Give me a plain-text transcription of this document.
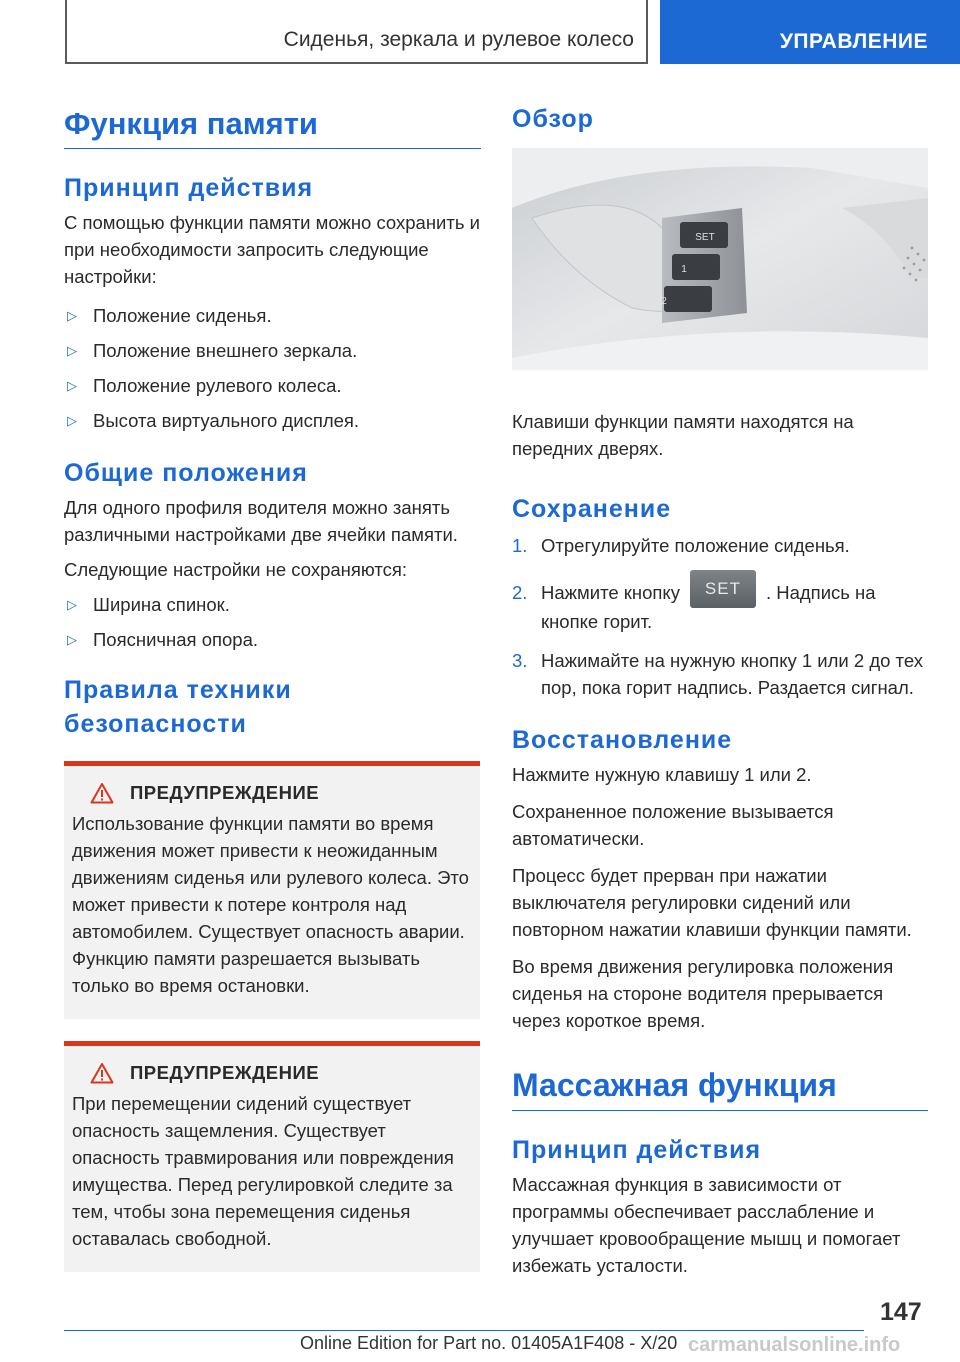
Сиденья, зеркала и рулевое колесо	УПРАВЛЕНИЕ
Функция памяти
Принцип действия

С помощью функции памяти можно сохранить и при необходимости запросить следующие настройки:

▷ Положение сиденья.
▷ Положение внешнего зеркала.
▷ Положение рулевого колеса.
▷ Высота виртуального дисплея.
Общие положения

Для одного профиля водителя можно занять различными настройками две ячейки памяти.

Следующие настройки не сохраняются:

▷ Ширина спинок.
▷ Поясничная опора.
Правила техники безопасности
ПРЕДУПРЕЖДЕНИЕ

Использование функции памяти во время движения может привести к неожиданным движениям сиденья или рулевого колеса. Это может привести к потере контроля над автомобилем. Существует опасность аварии. Функцию памяти разрешается вызывать только во время остановки.

ПРЕДУПРЕЖДЕНИЕ

При перемещении сидений существует опасность защемления. Существует опасность травмирования или повреждения имущества. Перед регулировкой следите за тем, чтобы зона перемещения сиденья оставалась свободной.

SET
1
2
Обзор

Клавиши функции памяти находятся на передних дверях.

Сохранение
1. Отрегулируйте положение сиденья.
2. Нажмите кнопку SET . Надпись на кнопке горит.
3. Нажимайте на нужную кнопку 1 или 2 до тех пор, пока горит надпись. Раздается сигнал.
Восстановление

Нажмите нужную клавишу 1 или 2.

Сохраненное положение вызывается автоматически.

Процесс будет прерван при нажатии выключателя регулировки сидений или повторном нажатии клавиши функции памяти.

Во время движения регулировка положения сиденья на стороне водителя прерывается через короткое время.

Массажная функция
Принцип действия

Массажная функция в зависимости от программы обеспечивает расслабление и улучшает кровообращение мышц и помогает избежать усталости.

147
Online Edition for Part no. 01405A1F408 - X/20 carmanualsonline.info
